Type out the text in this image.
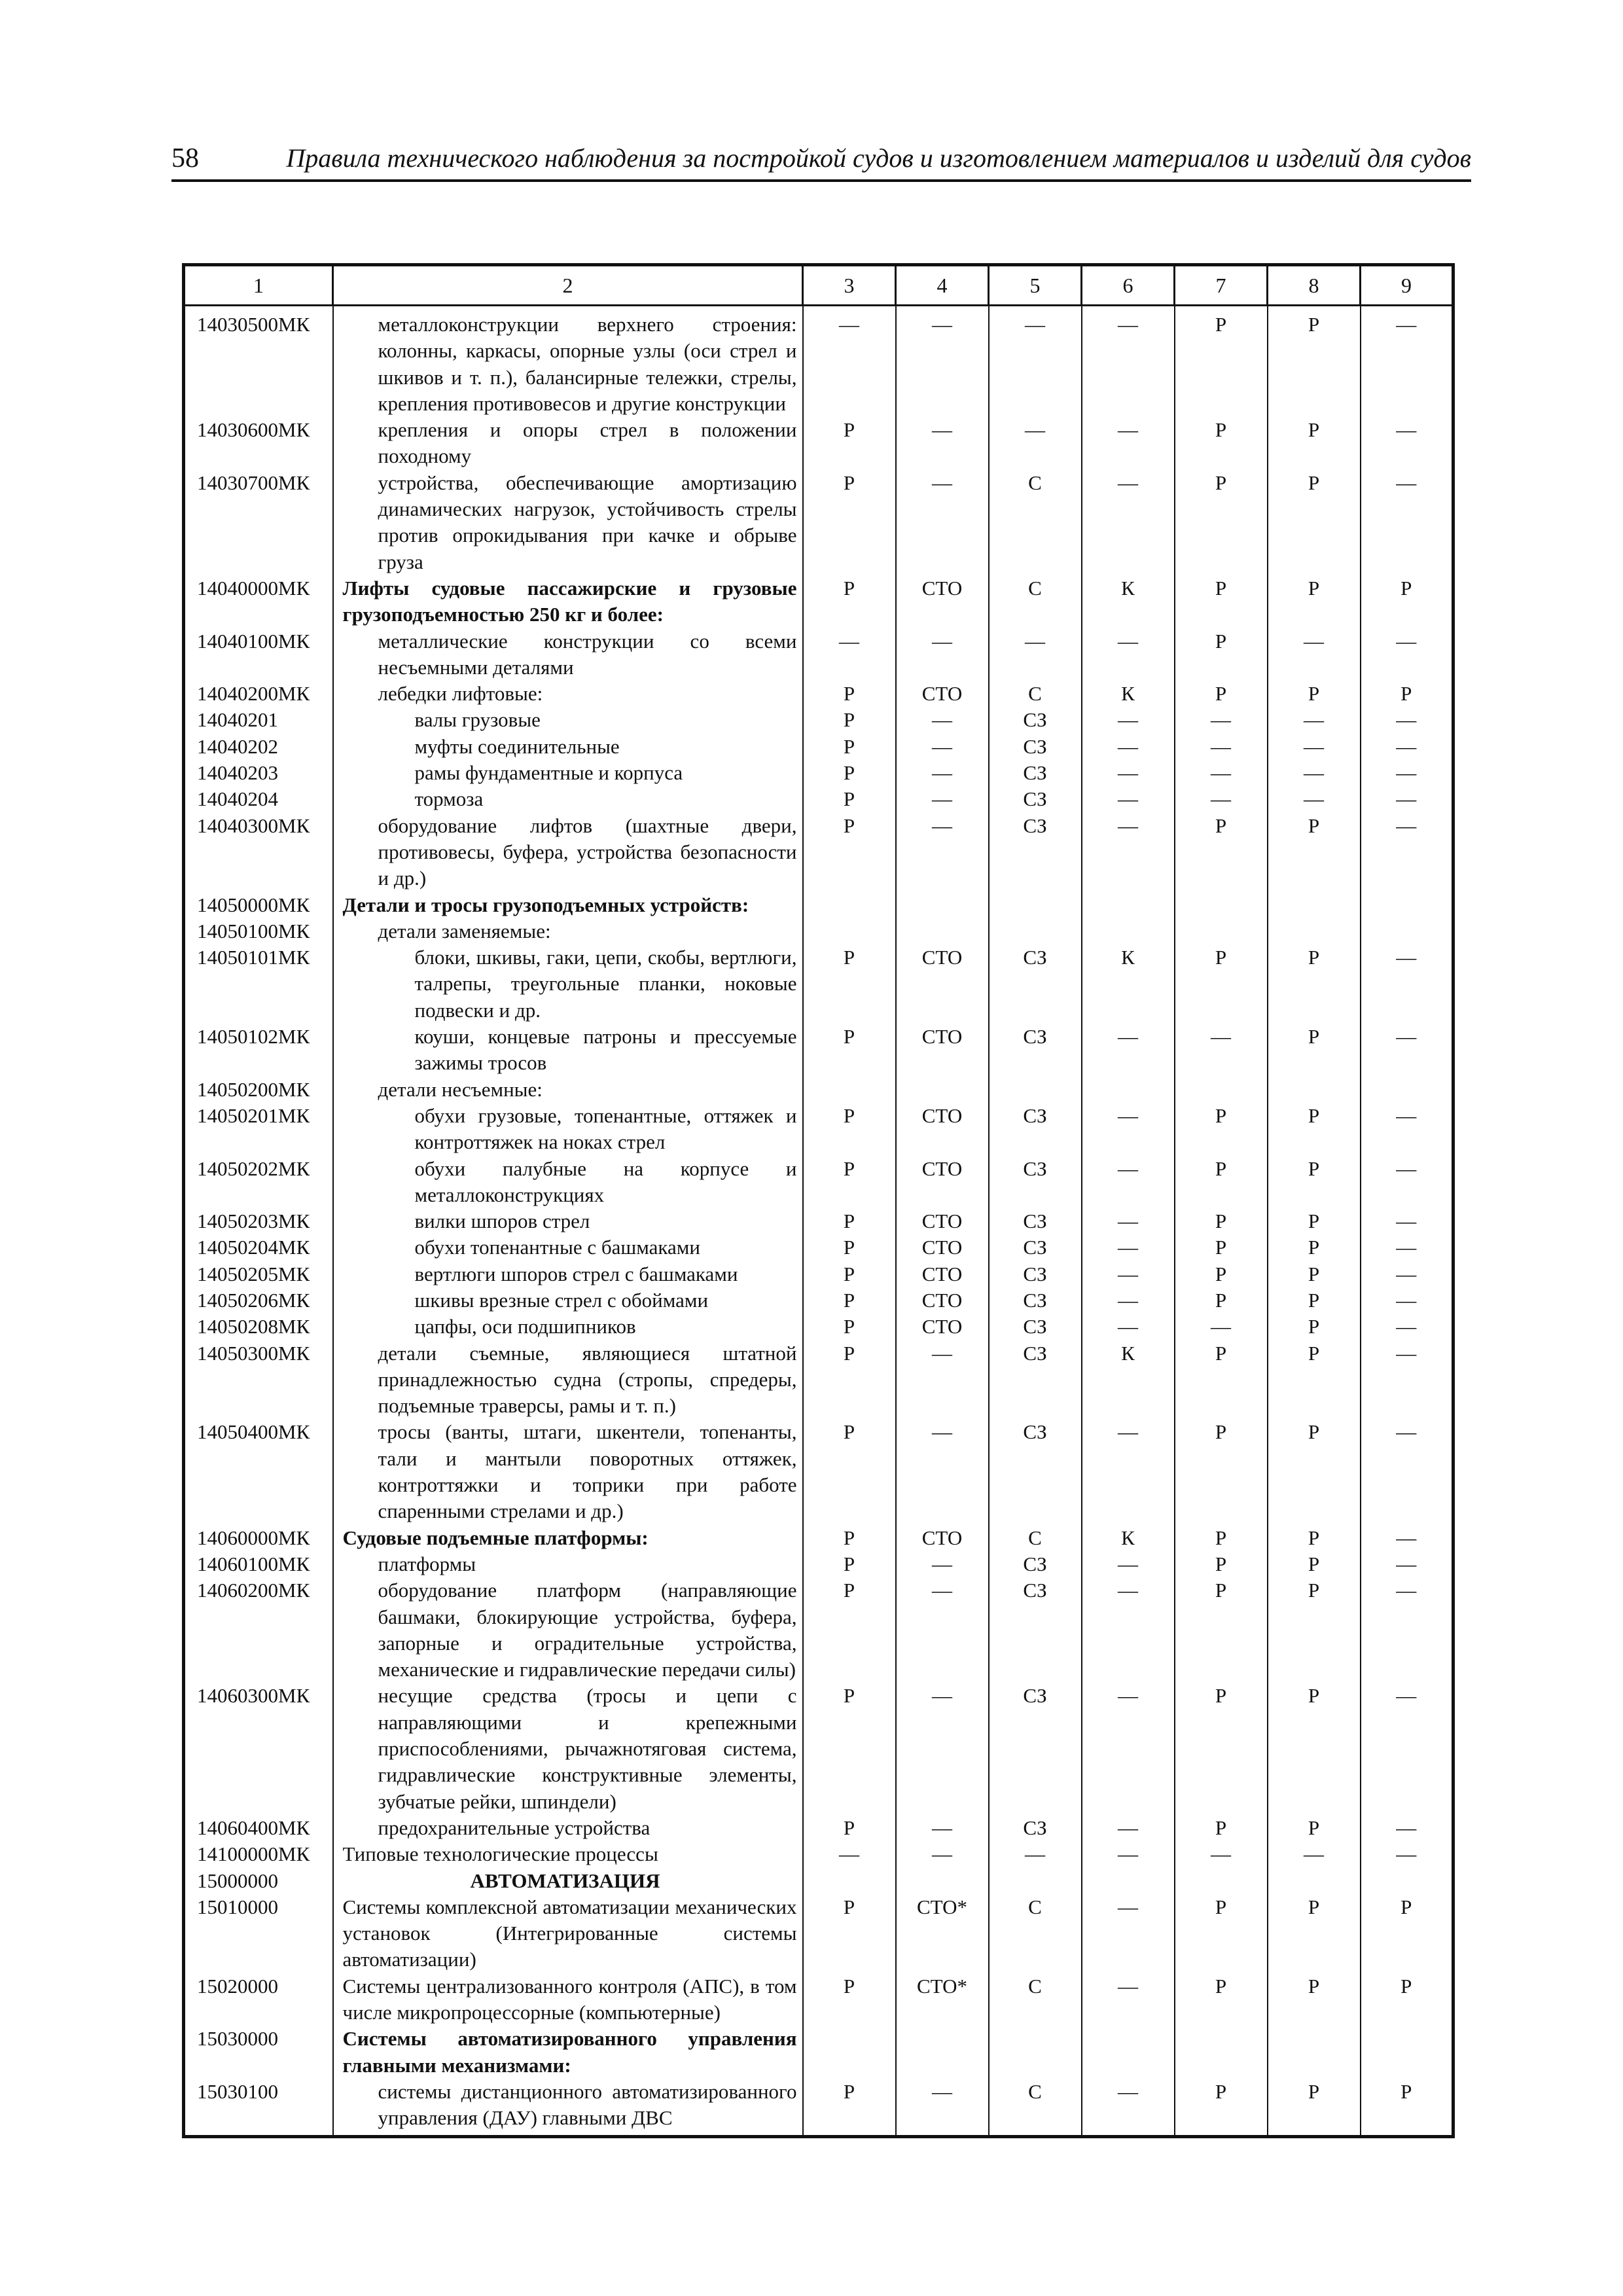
58	Правила технического наблюдения за постройкой судов и изготовлением материалов и изделий для судов
1	2	3	4	5	6	7	8	9
14030500МК	металлоконструкции верхнего строения: колонны, каркасы, опорные узлы (оси стрел и шкивов и т. п.), балансирные тележки, стрелы, крепления противовесов и другие конструкции	—	—	—	—	Р	Р	—
14030600МК	крепления и опоры стрел в положении походному	Р	—	—	—	Р	Р	—
14030700МК	устройства, обеспечивающие амортизацию динамических нагрузок, устойчивость стрелы против опрокидывания при качке и обрыве груза	Р	—	С	—	Р	Р	—
14040000МК	Лифты судовые пассажирские и грузовые грузоподъемностью 250 кг и более:	Р	СТО	С	К	Р	Р	Р
14040100МК	металлические конструкции со всеми несъемными деталями	—	—	—	—	Р	—	—
14040200МК	лебедки лифтовые:	Р	СТО	С	К	Р	Р	Р
14040201	валы грузовые	Р	—	СЗ	—	—	—	—
14040202	муфты соединительные	Р	—	СЗ	—	—	—	—
14040203	рамы фундаментные и корпуса	Р	—	СЗ	—	—	—	—
14040204	тормоза	Р	—	СЗ	—	—	—	—
14040300МК	оборудование лифтов (шахтные двери, противовесы, буфера, устройства безопасности и др.)	Р	—	СЗ	—	Р	Р	—
14050000МК	Детали и тросы грузоподъемных устройств:							
14050100МК	детали заменяемые:							
14050101МК	блоки, шкивы, гаки, цепи, скобы, вертлюги, талрепы, треугольные планки, ноковые подвески и др.	Р	СТО	СЗ	К	Р	Р	—
14050102МК	коуши, концевые патроны и прессуемые зажимы тросов	Р	СТО	СЗ	—	—	Р	—
14050200МК	детали несъемные:							
14050201МК	обухи грузовые, топенантные, оттяжек и контроттяжек на ноках стрел	Р	СТО	СЗ	—	Р	Р	—
14050202МК	обухи палубные на корпусе и металлоконструкциях	Р	СТО	СЗ	—	Р	Р	—
14050203МК	вилки шпоров стрел	Р	СТО	СЗ	—	Р	Р	—
14050204МК	обухи топенантные с башмаками	Р	СТО	СЗ	—	Р	Р	—
14050205МК	вертлюги шпоров стрел с башмаками	Р	СТО	СЗ	—	Р	Р	—
14050206МК	шкивы врезные стрел с обоймами	Р	СТО	СЗ	—	Р	Р	—
14050208МК	цапфы, оси подшипников	Р	СТО	СЗ	—	—	Р	—
14050300МК	детали съемные, являющиеся штатной принадлежностью судна (стропы, спредеры, подъемные траверсы, рамы и т. п.)	Р	—	СЗ	К	Р	Р	—
14050400МК	тросы (ванты, штаги, шкентели, топенанты, тали и мантыли поворотных оттяжек, контроттяжки и топрики при работе спаренными стрелами и др.)	Р	—	СЗ	—	Р	Р	—
14060000МК	Судовые подъемные платформы:	Р	СТО	С	К	Р	Р	—
14060100МК	платформы	Р	—	СЗ	—	Р	Р	—
14060200МК	оборудование платформ (направляющие башмаки, блокирующие устройства, буфера, запорные и оградительные устройства, механические и гидравлические передачи силы)	Р	—	СЗ	—	Р	Р	—
14060300МК	несущие средства (тросы и цепи с направляющими и крепежными приспособлениями, рычажнотяговая система, гидравлические конструктивные элементы, зубчатые рейки, шпиндели)	Р	—	СЗ	—	Р	Р	—
14060400МК	предохранительные устройства	Р	—	СЗ	—	Р	Р	—
14100000МК	Типовые технологические процессы	—	—	—	—	—	—	—
15000000	АВТОМАТИЗАЦИЯ							
15010000	Системы комплексной автоматизации механических установок (Интегрированные системы автоматизации)	Р	СТО*	С	—	Р	Р	Р
15020000	Системы централизованного контроля (АПС), в том числе микропроцессорные (компьютерные)	Р	СТО*	С	—	Р	Р	Р
15030000	Системы автоматизированного управления главными механизмами:							
15030100	системы дистанционного автоматизированного управления (ДАУ) главными ДВС	Р	—	С	—	Р	Р	Р
